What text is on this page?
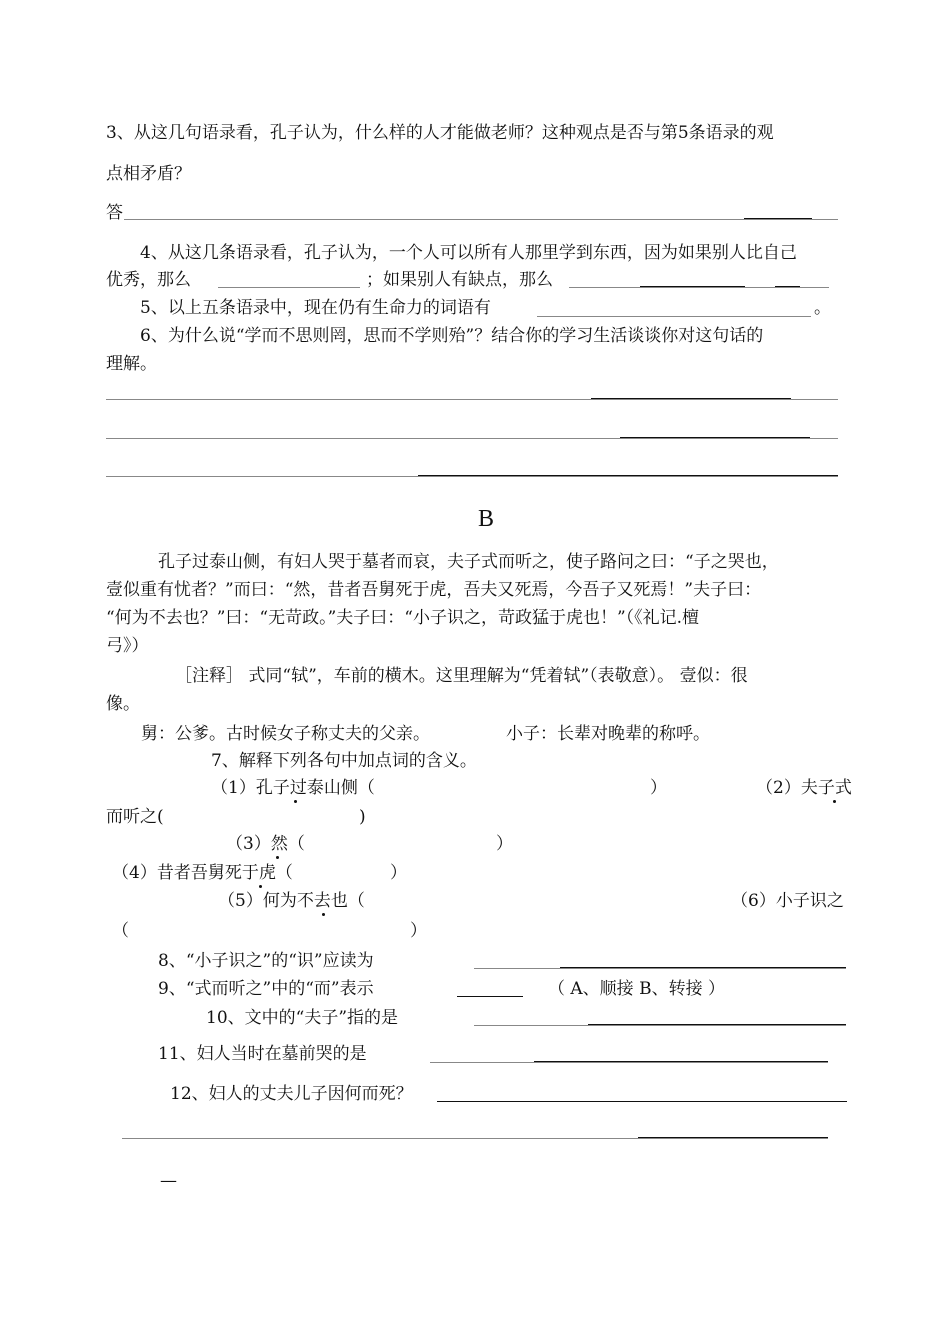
3、从这几句语录看，孔子认为，什么样的人才能做老师？这种观点是否与第5条语录的观
点相矛盾？
答
4、从这几条语录看，孔子认为，一个人可以所有人那里学到东西，因为如果别人比自己
优秀，那么	；如果别人有缺点，那么
5、以上五条语录中，现在仍有生命力的词语有	。
6、为什么说“学而不思则罔，思而不学则殆”？结合你的学习生活谈谈你对这句话的
理解。
B
孔子过泰山侧，有妇人哭于墓者而哀，夫子式而听之，使子路问之曰：“子之哭也，
壹似重有忧者？”而曰：“然，昔者吾舅死于虎，吾夫又死焉，今吾子又死焉！”夫子曰：
“何为不去也？”曰：“无苛政。”夫子曰：“小子识之，苛政猛于虎也！”（《礼记.檀
弓》）
［注释］ 式同“轼”，车前的横木。这里理解为“凭着轼”（表敬意）。 壹似：很
像。
舅：公爹。古时候女子称丈夫的父亲。	小子：长辈对晚辈的称呼。
7、解释下列各句中加点词的含义。
（1）孔子过泰山侧（	）	（2）夫子式
而听之(	)
（3）然（	）
（4）昔者吾舅死于虎（	）
（5）何为不去也（	（6）小子识之
（	）
8、“小子识之”的“识”应读为
9、“式而听之”中的“而”表示	（ A、顺接 B、转接 ）
10、文中的“夫子”指的是
11、妇人当时在墓前哭的是
12、妇人的丈夫儿子因何而死？
—
